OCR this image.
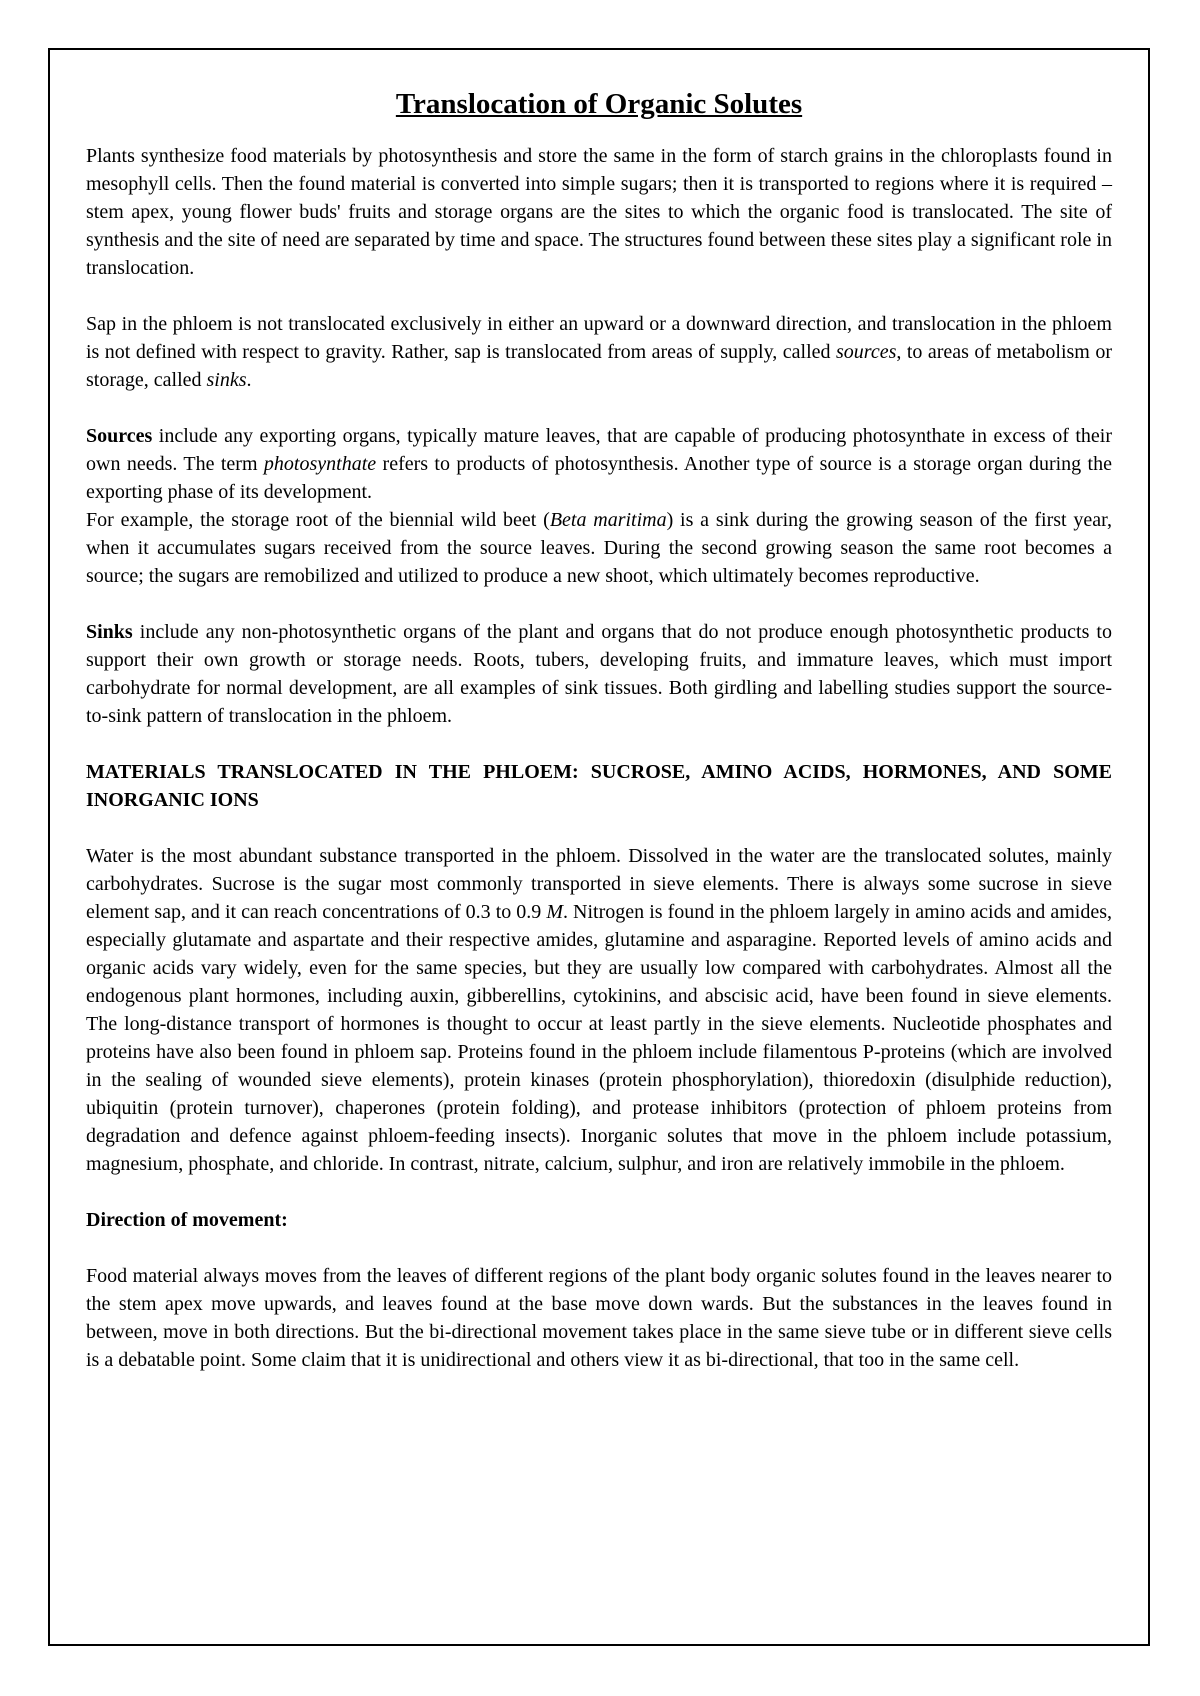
Translocation of Organic Solutes

Plants synthesize food materials by photosynthesis and store the same in the form of starch grains in the chloroplasts found in mesophyll cells. Then the found material is converted into simple sugars; then it is transported to regions where it is required – stem apex, young flower buds' fruits and storage organs are the sites to which the organic food is translocated. The site of synthesis and the site of need are separated by time and space. The structures found between these sites play a significant role in translocation.

Sap in the phloem is not translocated exclusively in either an upward or a downward direction, and translocation in the phloem is not defined with respect to gravity. Rather, sap is translocated from areas of supply, called sources, to areas of metabolism or storage, called sinks.

Sources include any exporting organs, typically mature leaves, that are capable of producing photosynthate in excess of their own needs. The term photosynthate refers to products of photosynthesis. Another type of source is a storage organ during the exporting phase of its development.

For example, the storage root of the biennial wild beet (Beta maritima) is a sink during the growing season of the first year, when it accumulates sugars received from the source leaves. During the second growing season the same root becomes a source; the sugars are remobilized and utilized to produce a new shoot, which ultimately becomes reproductive.

Sinks include any non-photosynthetic organs of the plant and organs that do not produce enough photosynthetic products to support their own growth or storage needs. Roots, tubers, developing fruits, and immature leaves, which must import carbohydrate for normal development, are all examples of sink tissues. Both girdling and labelling studies support the source-to-sink pattern of translocation in the phloem.

MATERIALS TRANSLOCATED IN THE PHLOEM: SUCROSE, AMINO ACIDS, HORMONES, AND SOME INORGANIC IONS

Water is the most abundant substance transported in the phloem. Dissolved in the water are the translocated solutes, mainly carbohydrates. Sucrose is the sugar most commonly transported in sieve elements. There is always some sucrose in sieve element sap, and it can reach concentrations of 0.3 to 0.9 M. Nitrogen is found in the phloem largely in amino acids and amides, especially glutamate and aspartate and their respective amides, glutamine and asparagine. Reported levels of amino acids and organic acids vary widely, even for the same species, but they are usually low compared with carbohydrates. Almost all the endogenous plant hormones, including auxin, gibberellins, cytokinins, and abscisic acid, have been found in sieve elements. The long-distance transport of hormones is thought to occur at least partly in the sieve elements. Nucleotide phosphates and proteins have also been found in phloem sap. Proteins found in the phloem include filamentous P-proteins (which are involved in the sealing of wounded sieve elements), protein kinases (protein phosphorylation), thioredoxin (disulphide reduction), ubiquitin (protein turnover), chaperones (protein folding), and protease inhibitors (protection of phloem proteins from degradation and defence against phloem-feeding insects). Inorganic solutes that move in the phloem include potassium, magnesium, phosphate, and chloride. In contrast, nitrate, calcium, sulphur, and iron are relatively immobile in the phloem.

Direction of movement:

Food material always moves from the leaves of different regions of the plant body organic solutes found in the leaves nearer to the stem apex move upwards, and leaves found at the base move down wards. But the substances in the leaves found in between, move in both directions. But the bi-directional movement takes place in the same sieve tube or in different sieve cells is a debatable point. Some claim that it is unidirectional and others view it as bi-directional, that too in the same cell.
